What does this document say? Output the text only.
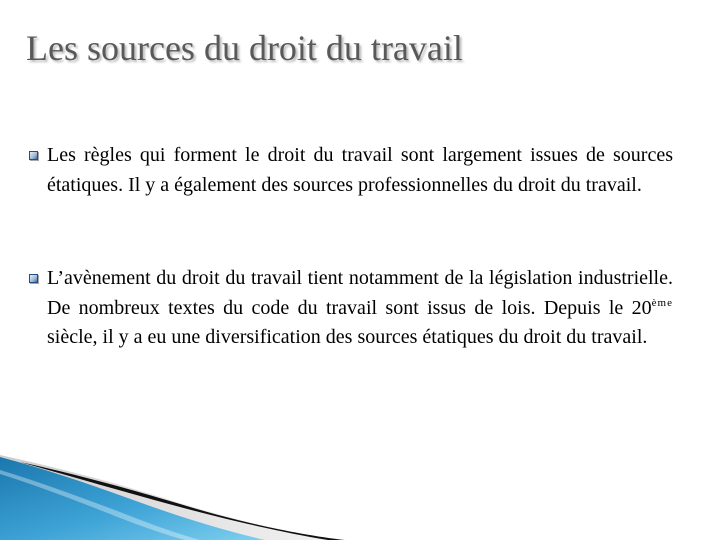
Les sources du droit du travail

Les règles qui forment le droit du travail sont largement issues de sources étatiques. Il y a également des sources professionnelles du droit du travail.

L’avènement du droit du travail tient notamment de la législation industrielle. De nombreux textes du code du travail sont issus de lois. Depuis le 20ème siècle, il y a eu une diversification des sources étatiques du droit du travail.
